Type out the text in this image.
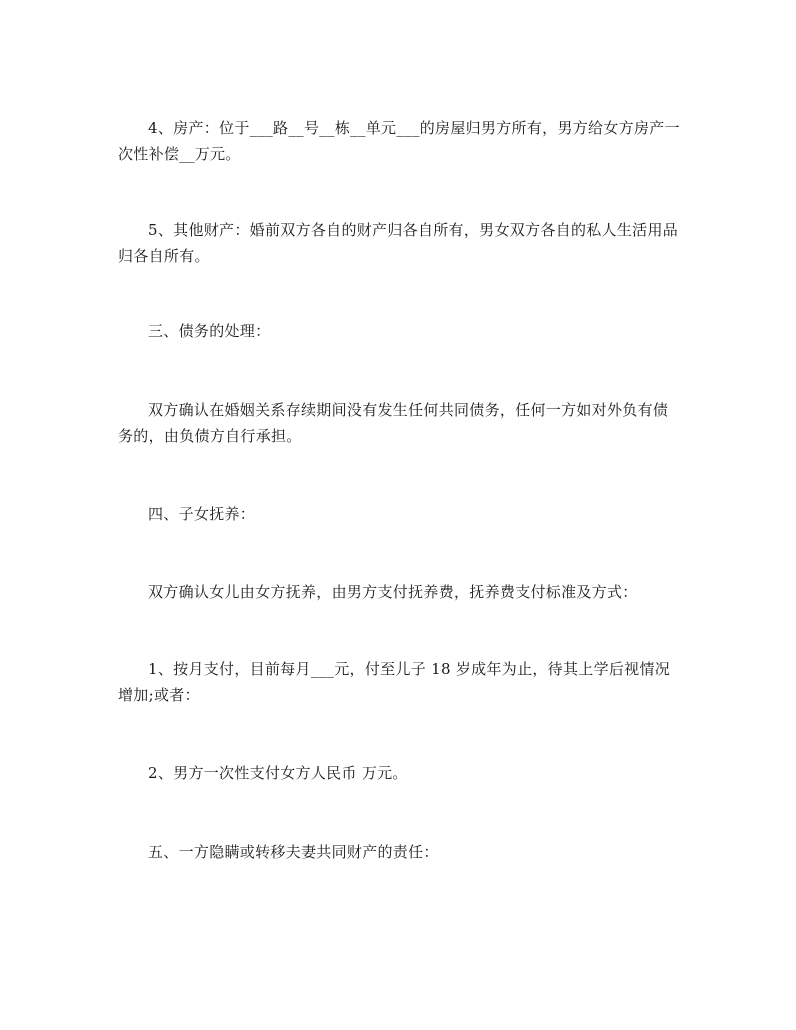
4、房产：位于___路__号__栋__单元___的房屋归男方所有，男方给女方房产一次性补偿__万元。

5、其他财产：婚前双方各自的财产归各自所有，男女双方各自的私人生活用品归各自所有。

三、债务的处理：

双方确认在婚姻关系存续期间没有发生任何共同债务，任何一方如对外负有债务的，由负债方自行承担。

四、子女抚养：

双方确认女儿由女方抚养，由男方支付抚养费，抚养费支付标准及方式：

1、按月支付，目前每月___元，付至儿子 18 岁成年为止，待其上学后视情况增加;或者：

2、男方一次性支付女方人民币 万元。

五、一方隐瞒或转移夫妻共同财产的责任：
